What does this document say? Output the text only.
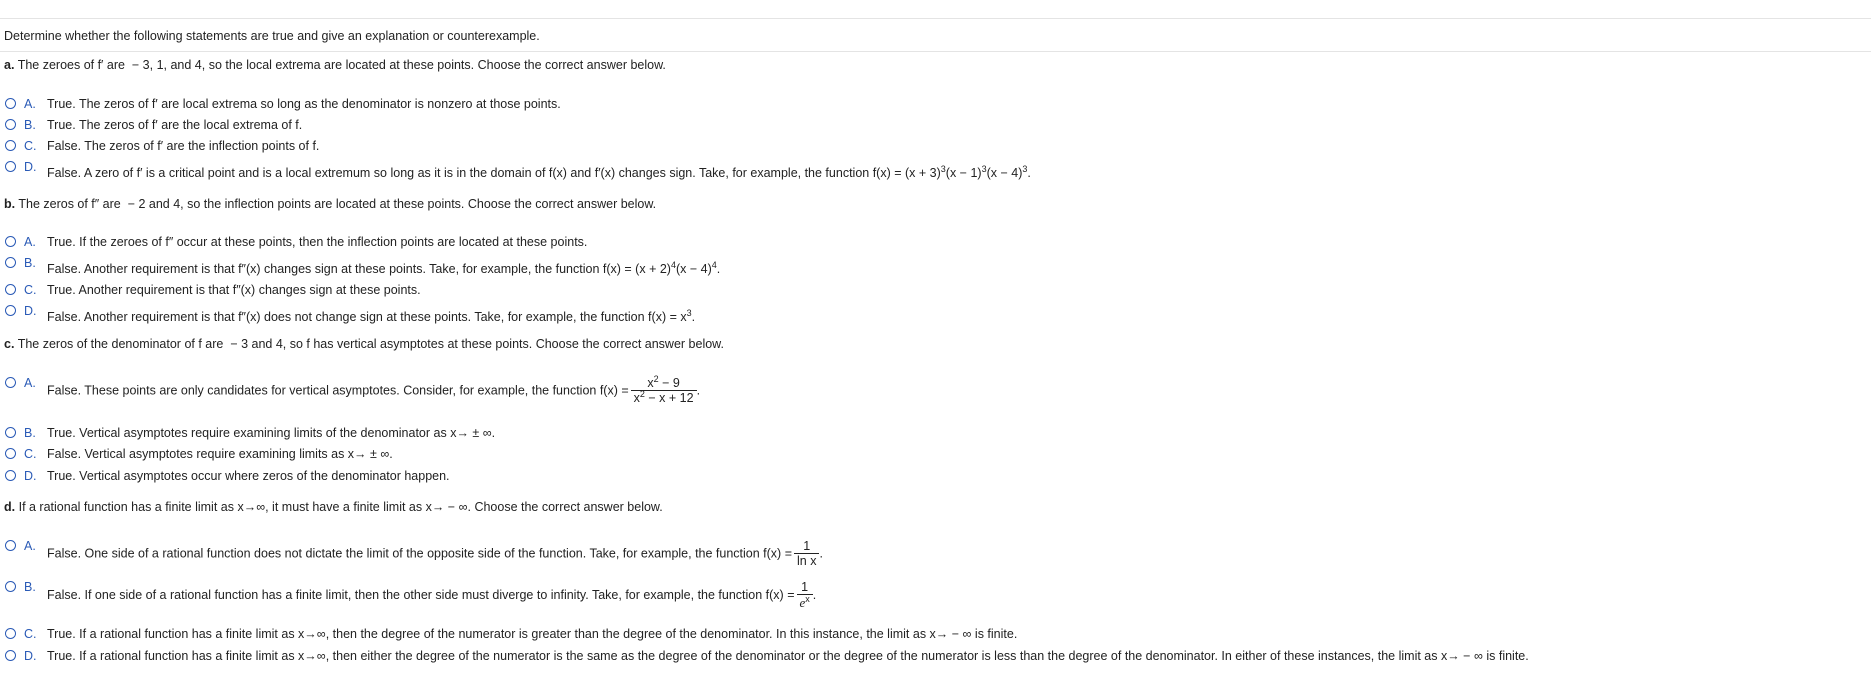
Determine whether the following statements are true and give an explanation or counterexample.
a. The zeroes of f′ are − 3, 1, and 4, so the local extrema are located at these points. Choose the correct answer below.
A. True. The zeros of f′ are local extrema so long as the denominator is nonzero at those points.
B. True. The zeros of f′ are the local extrema of f.
C. False. The zeros of f′ are the inflection points of f.
D. False. A zero of f′ is a critical point and is a local extremum so long as it is in the domain of f(x) and f′(x) changes sign. Take, for example, the function $f(x) = (x + 3)^3(x - 1)^3(x - 4)^3$.
b. The zeros of f″ are − 2 and 4, so the inflection points are located at these points. Choose the correct answer below.
A. True. If the zeroes of f″ occur at these points, then the inflection points are located at these points.
B. False. Another requirement is that f″(x) changes sign at these points. Take, for example, the function $f(x) = (x + 2)^4(x - 4)^4$.
C. True. Another requirement is that f″(x) changes sign at these points.
D. False. Another requirement is that f″(x) does not change sign at these points. Take, for example, the function $f(x) = x^3$.
c. The zeros of the denominator of f are − 3 and 4, so f has vertical asymptotes at these points. Choose the correct answer below.
A.
False. These points are only candidates for vertical asymptotes. Consider, for example, the function $f(x) = \frac{x^2 - 9}{x^2 - x + 12}$ .
B. True. Vertical asymptotes require examining limits of the denominator as x→ ± ∞.
C. False. Vertical asymptotes require examining limits as x→ ± ∞.
D. True. Vertical asymptotes occur where zeros of the denominator happen.
d. If a rational function has a finite limit as x→∞, it must have a finite limit as x→ − ∞. Choose the correct answer below.
A.
False. One side of a rational function does not dictate the limit of the opposite side of the function. Take, for example, the function $f(x) = \frac{1}{\text{ln x}}$ .
B.
False. If one side of a rational function has a finite limit, then the other side must diverge to infinity. Take, for example, the function $f(x) = \frac{1}{e^x}$ .
C. True. If a rational function has a finite limit as x→∞, then the degree of the numerator is greater than the degree of the denominator. In this instance, the limit as x→ − ∞ is finite.
D. True. If a rational function has a finite limit as x→∞, then either the degree of the numerator is the same as the degree of the denominator or the degree of the numerator is less than the degree of the denominator. In either of these instances, the limit as x→ − ∞ is finite.
